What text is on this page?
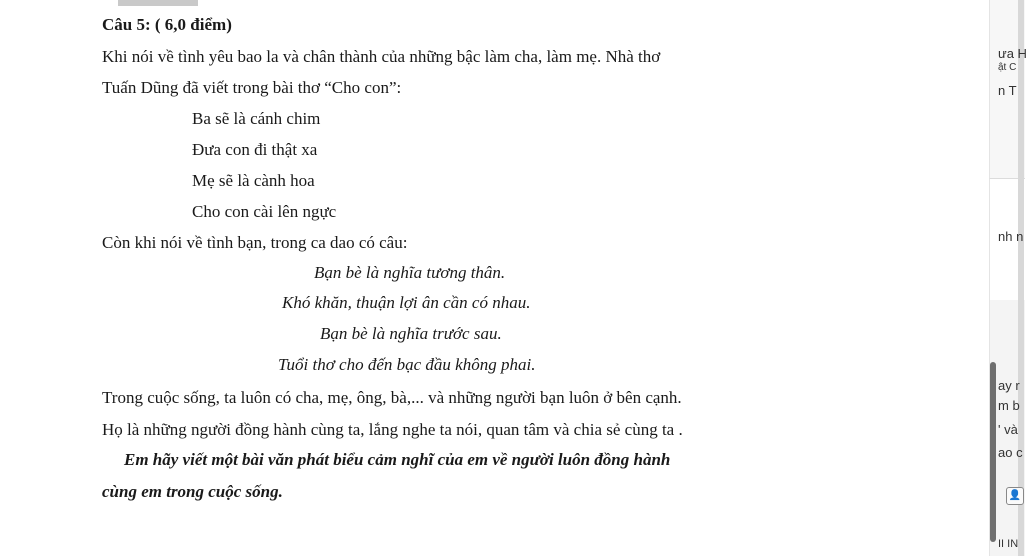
Câu 5: ( 6,0 điểm)
Khi nói về tình yêu bao la và chân thành của những bậc làm cha, làm mẹ. Nhà thơ
Tuấn Dũng đã viết trong bài thơ “Cho con”:
Ba sẽ là cánh chim
Đưa con đi thật xa
Mẹ sẽ là cành hoa
Cho con cài lên ngực
Còn khi nói về tình bạn, trong ca dao có câu:
Bạn bè là nghĩa tương thân.
Khó khăn, thuận lợi ân cần có nhau.
Bạn bè là nghĩa trước sau.
Tuổi thơ cho đến bạc đầu không phai.
Trong cuộc sống, ta luôn có cha, mẹ, ông, bà,... và những người bạn luôn ở bên cạnh.
Họ là những người đồng hành cùng ta, lắng nghe ta nói, quan tâm và chia sẻ cùng ta .
Em hãy viết một bài văn phát biểu cảm nghĩ của em về người luôn đồng hành
cùng em trong cuộc sống.
ưa H
ật C
n T
nh n
ay r
m b
' và
ao c
II IN
👤
